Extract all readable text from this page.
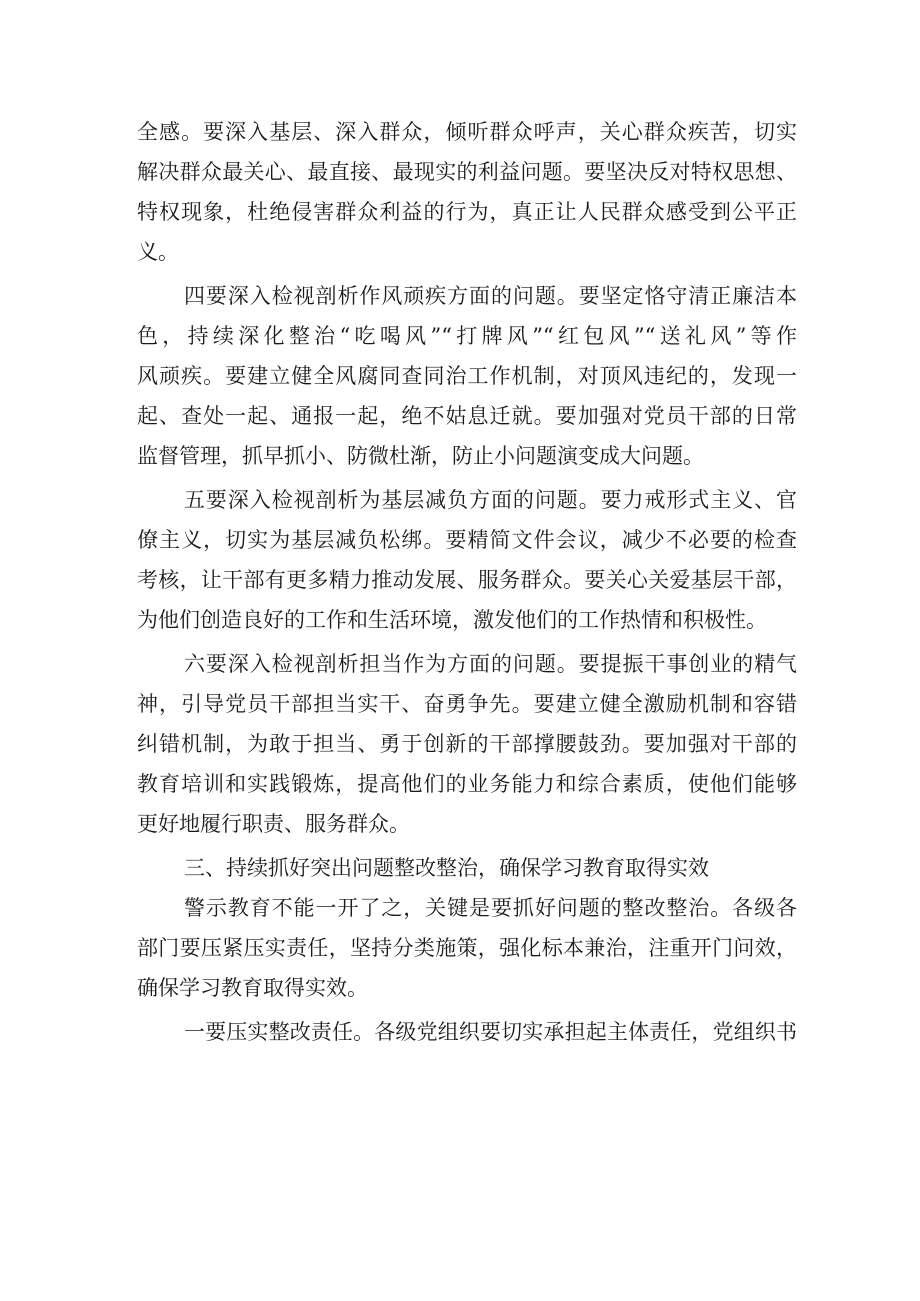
全感。要深入基层、深入群众，倾听群众呼声，关心群众疾苦，切实
解决群众最关心、最直接、最现实的利益问题。要坚决反对特权思想、
特权现象，杜绝侵害群众利益的行为，真正让人民群众感受到公平正
义。
四要深入检视剖析作风顽疾方面的问题。要坚定恪守清正廉洁本
色，持续深化整治“吃喝风”“打牌风”“红包风”“送礼风”等作
风顽疾。要建立健全风腐同查同治工作机制，对顶风违纪的，发现一
起、查处一起、通报一起，绝不姑息迁就。要加强对党员干部的日常
监督管理，抓早抓小、防微杜渐，防止小问题演变成大问题。
五要深入检视剖析为基层减负方面的问题。要力戒形式主义、官
僚主义，切实为基层减负松绑。要精简文件会议，减少不必要的检查
考核，让干部有更多精力推动发展、服务群众。要关心关爱基层干部，
为他们创造良好的工作和生活环境，激发他们的工作热情和积极性。
六要深入检视剖析担当作为方面的问题。要提振干事创业的精气
神，引导党员干部担当实干、奋勇争先。要建立健全激励机制和容错
纠错机制，为敢于担当、勇于创新的干部撑腰鼓劲。要加强对干部的
教育培训和实践锻炼，提高他们的业务能力和综合素质，使他们能够
更好地履行职责、服务群众。
三、持续抓好突出问题整改整治，确保学习教育取得实效
警示教育不能一开了之，关键是要抓好问题的整改整治。各级各
部门要压紧压实责任，坚持分类施策，强化标本兼治，注重开门问效，
确保学习教育取得实效。
一要压实整改责任。各级党组织要切实承担起主体责任，党组织书
